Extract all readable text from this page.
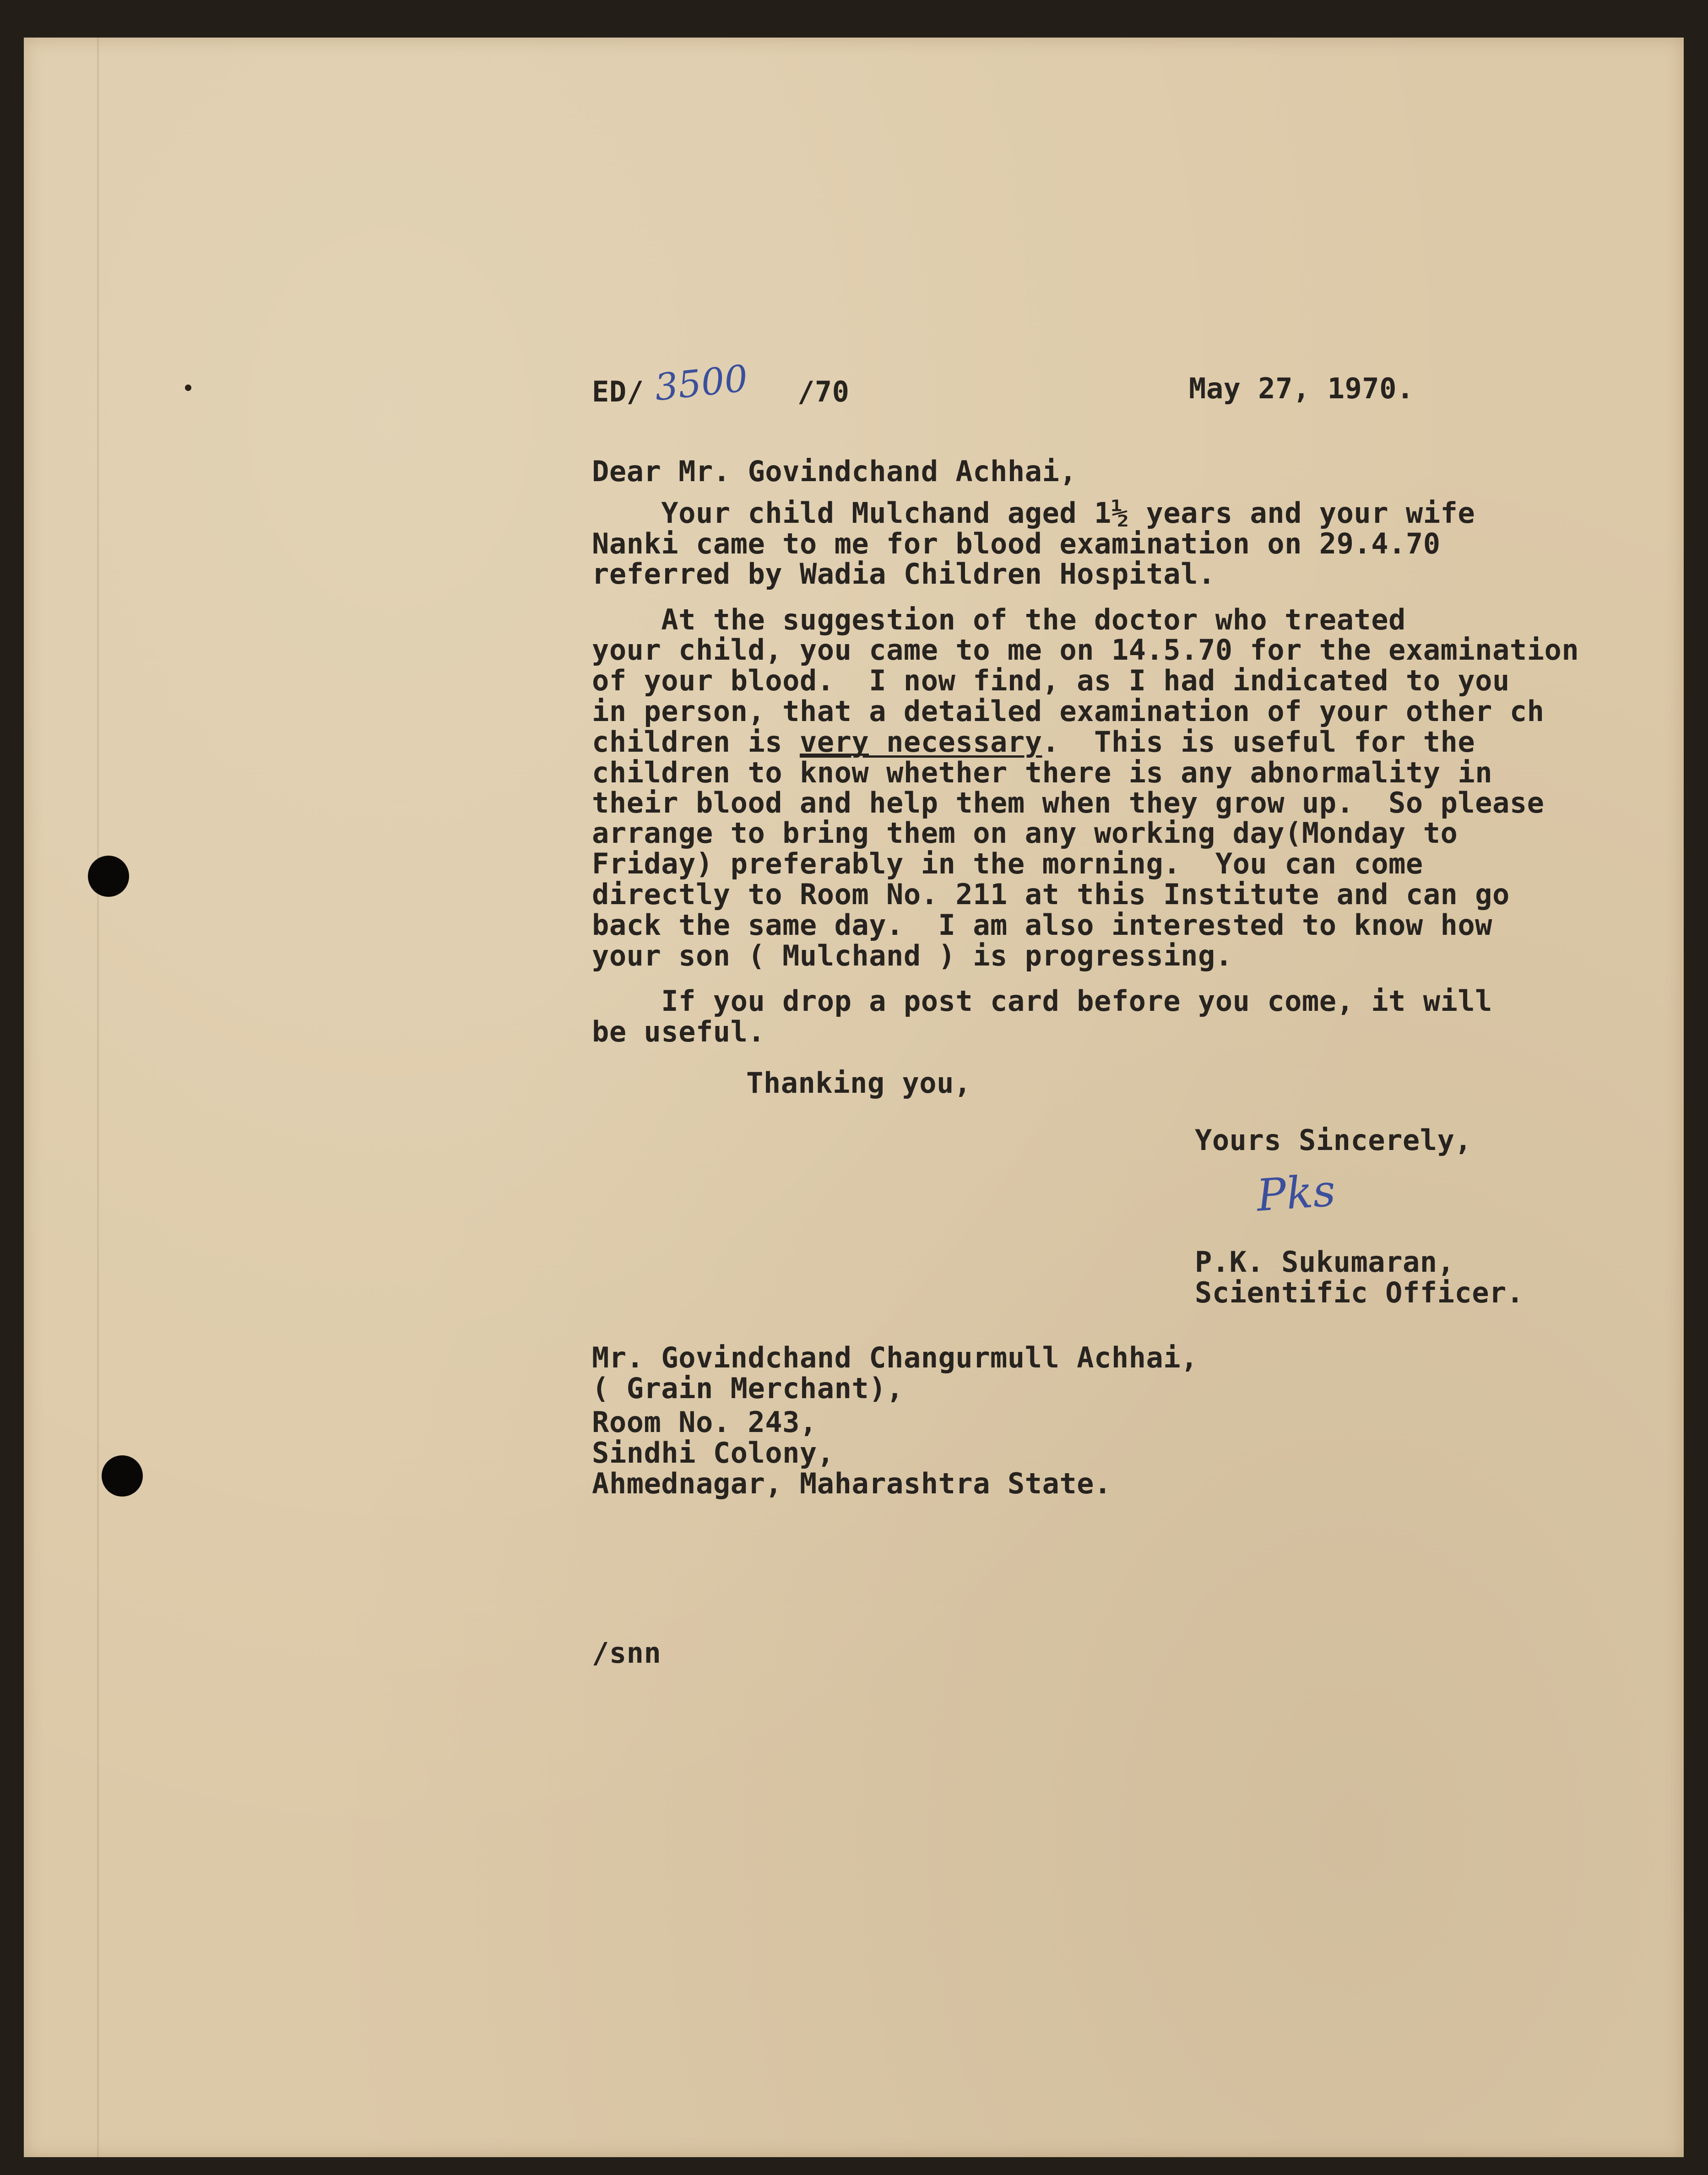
ED/ 3500 /70	May 27, 1970.
Dear Mr. Govindchand Achhai,
Your child Mulchand aged 1½ years and your wife
Nanki came to me for blood examination on 29.4.70
referred by Wadia Children Hospital.
At the suggestion of the doctor who treated
your child, you came to me on 14.5.70 for the examination
of your blood.  I now find, as I had indicated to you
in person, that a detailed examination of your other ch
children is very necessary.  This is useful for the
children to know whether there is any abnormality in
their blood and help them when they grow up.  So please
arrange to bring them on any working day(Monday to
Friday) preferably in the morning.  You can come
directly to Room No. 211 at this Institute and can go
back the same day.  I am also interested to know how
your son ( Mulchand ) is progressing.
If you drop a post card before you come, it will
be useful.
Thanking you,
Yours Sincerely,
Pks
P.K. Sukumaran,
Scientific Officer.
Mr. Govindchand Changurmull Achhai,
( Grain Merchant),
Room No. 243,
Sindhi Colony,
Ahmednagar, Maharashtra State.
/snn
